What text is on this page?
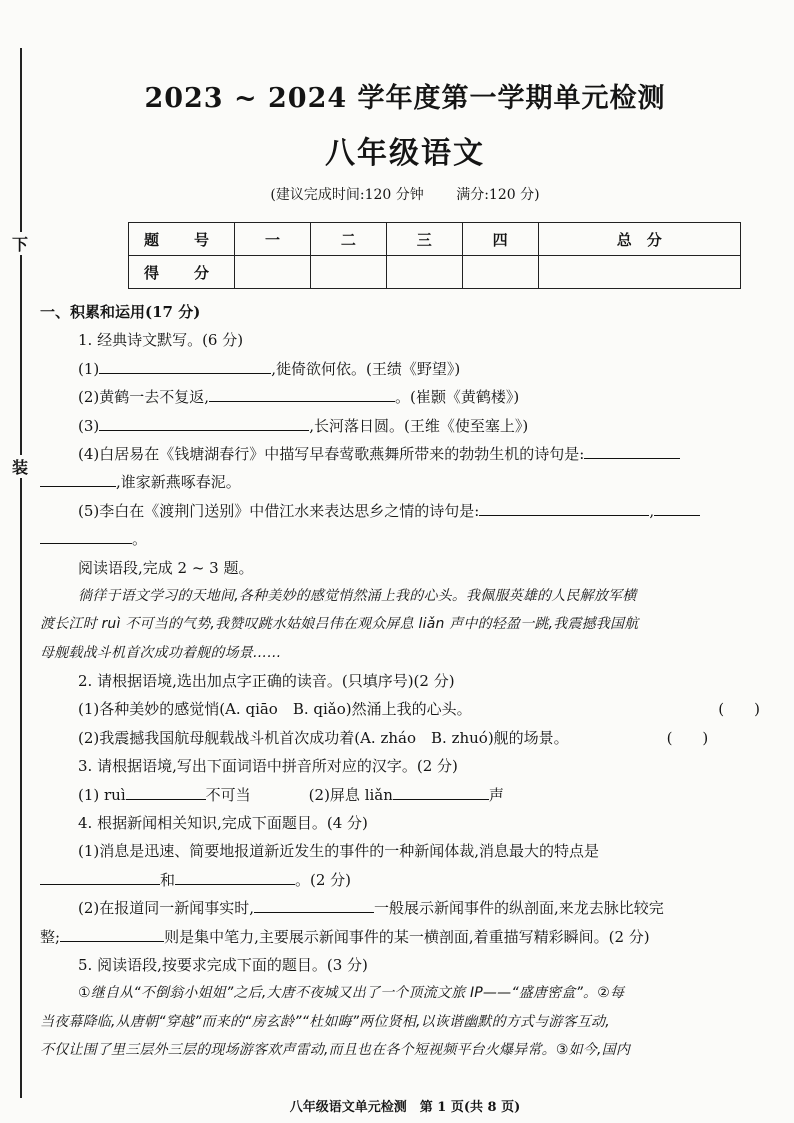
下
装
2023 ~ 2024 学年度第一学期单元检测
八年级语文
(建议完成时间:120 分钟 满分:120 分)
题　号	一	二	三	四	总　分
得　分					
一、积累和运用(17 分)
1. 经典诗文默写。(6 分)
(1)	,徙倚欲何依。(王绩《野望》)
(2)黄鹤一去不复返,	。(崔颢《黄鹤楼》)
(3)	,长河落日圆。(王维《使至塞上》)
(4)白居易在《钱塘湖春行》中描写早春莺歌燕舞所带来的勃勃生机的诗句是:
,谁家新燕啄春泥。
(5)李白在《渡荆门送别》中借江水来表达思乡之情的诗句是:	,
。
阅读语段,完成 2 ~ 3 题。
徜徉于语文学习的天地间,各种美妙的感觉悄然涌上我的心头。我佩服英雄的人民解放军横
渡长江时 ruì 不可当的气势,我赞叹跳水姑娘吕伟在观众屏息 liǎn 声中的轻盈一跳,我震撼我国航
母舰载战斗机首次成功着舰的场景……
2. 请根据语境,选出加点字正确的读音。(只填序号)(2 分)
(1)各种美妙的感觉悄(A. qiāo　B. qiǎo)然涌上我的心头。	(　　)
(2)我震撼我国航母舰载战斗机首次成功着(A. zháo　B. zhuó)舰的场景。	(　　)
3. 请根据语境,写出下面词语中拼音所对应的汉字。(2 分)
(1) ruì	不可当	(2)屏息 liǎn	声
4. 根据新闻相关知识,完成下面题目。(4 分)
(1)消息是迅速、简要地报道新近发生的事件的一种新闻体裁,消息最大的特点是
和	。(2 分)
(2)在报道同一新闻事实时,	一般展示新闻事件的纵剖面,来龙去脉比较完
整;	则是集中笔力,主要展示新闻事件的某一横剖面,着重描写精彩瞬间。(2 分)
5. 阅读语段,按要求完成下面的题目。(3 分)
①继自从“不倒翁小姐姐”之后,大唐不夜城又出了一个顶流文旅 IP——“盛唐密盒”。②每
当夜幕降临,从唐朝“穿越”而来的“房玄龄”“杜如晦”两位贤相,以诙谐幽默的方式与游客互动,
不仅让围了里三层外三层的现场游客欢声雷动,而且也在各个短视频平台火爆异常。③如今,国内
八年级语文单元检测　第 1 页(共 8 页)
